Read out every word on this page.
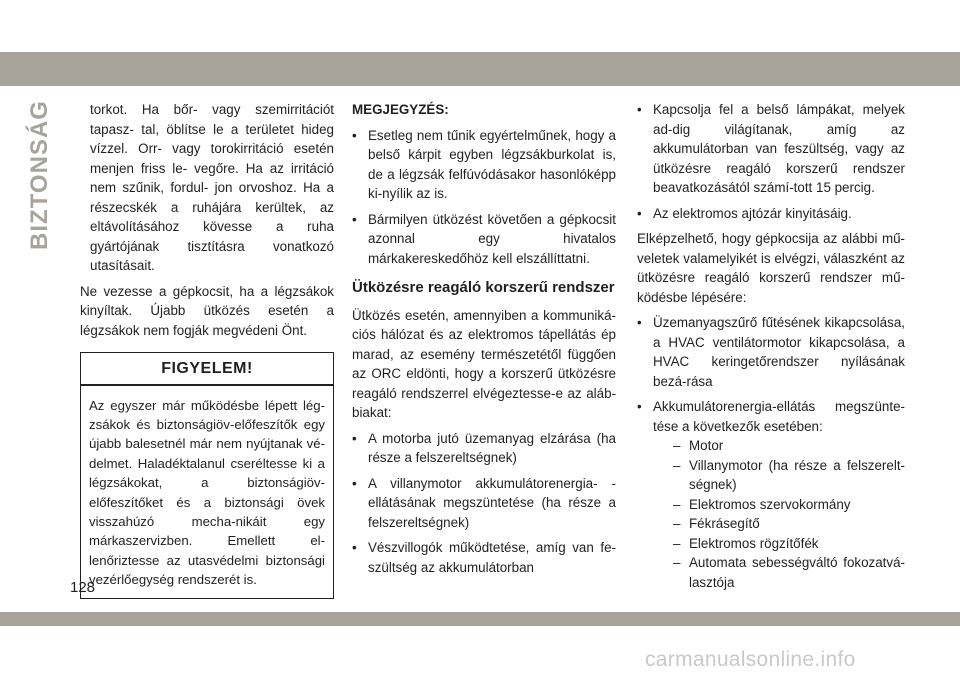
BIZTONSÁG	torkot. Ha bőr- vagy szemirritációt tapasz- tal, öblítse le a területet hideg vízzel. Orr- vagy torokirritáció esetén menjen friss le- vegőre. Ha az irritáció nem szűnik, fordul- jon orvoshoz. Ha a részecskék a ruhájára kerültek, az eltávolításához kövesse a ruha gyártójának tisztításra vonatkozó utasításait.

Ne vezesse a gépkocsit, ha a légzsákok kinyíltak. Újabb ütközés esetén a légzsákok nem fogják megvédeni Önt.

FIGYELEM!
Az egyszer már működésbe lépett lég-zsákok és biztonságiöv-előfeszítők egy újabb balesetnél már nem nyújtanak vé-delmet. Haladéktalanul cseréltesse ki a légzsákokat, a biztonságiöv-előfeszítőket és a biztonsági övek visszahúzó mecha-nikáit egy márkaszervizben. Emellett el-lenőriztesse az utasvédelmi biztonsági vezérlőegység rendszerét is.
MEGJEGYZÉS:
• Esetleg nem tűnik egyértelműnek, hogy a belső kárpit egyben légzsákburkolat is, de a légzsák felfúvódásakor hasonlóképp ki-nyílik az is.
• Bármilyen ütközést követően a gépkocsit azonnal egy hivatalos márkakereskedőhöz kell elszállíttatni.
Ütközésre reagáló korszerű rendszer

Ütközés esetén, amennyiben a kommuniká-ciós hálózat és az elektromos tápellátás ép marad, az esemény természetétől függően az ORC eldönti, hogy a korszerű ütközésre reagáló rendszerrel elvégeztesse-e az aláb-biakat:

• A motorba jutó üzemanyag elzárása (ha része a felszereltségnek)
• A villanymotor akkumulátorenergia- -ellátásának megszüntetése (ha része a felszereltségnek)
• Vészvillogók működtetése, amíg van fe-szültség az akkumulátorban
• Kapcsolja fel a belső lámpákat, melyek ad-dig világítanak, amíg az akkumulátorban van feszültség, vagy az ütközésre reagáló korszerű rendszer beavatkozásától számí-tott 15 percig.
• Az elektromos ajtózár kinyitásáig.

Elképzelhető, hogy gépkocsija az alábbi mű-veletek valamelyikét is elvégzi, válaszként az ütközésre reagáló korszerű rendszer mű-ködésbe lépésére:

• Üzemanyagszűrő fűtésének kikapcsolása, a HVAC ventilátormotor kikapcsolása, a HVAC keringetőrendszer nyílásának bezá-rása
• Akkumulátorenergia-ellátás megszünte-tése a következők esetében:
– Motor
– Villanymotor (ha része a felszerelt-ségnek)
– Elektromos szervokormány
– Fékrásegítő
– Elektromos rögzítőfék
– Automata sebességváltó fokozatvá-lasztója
128
carmanualsonline.info
